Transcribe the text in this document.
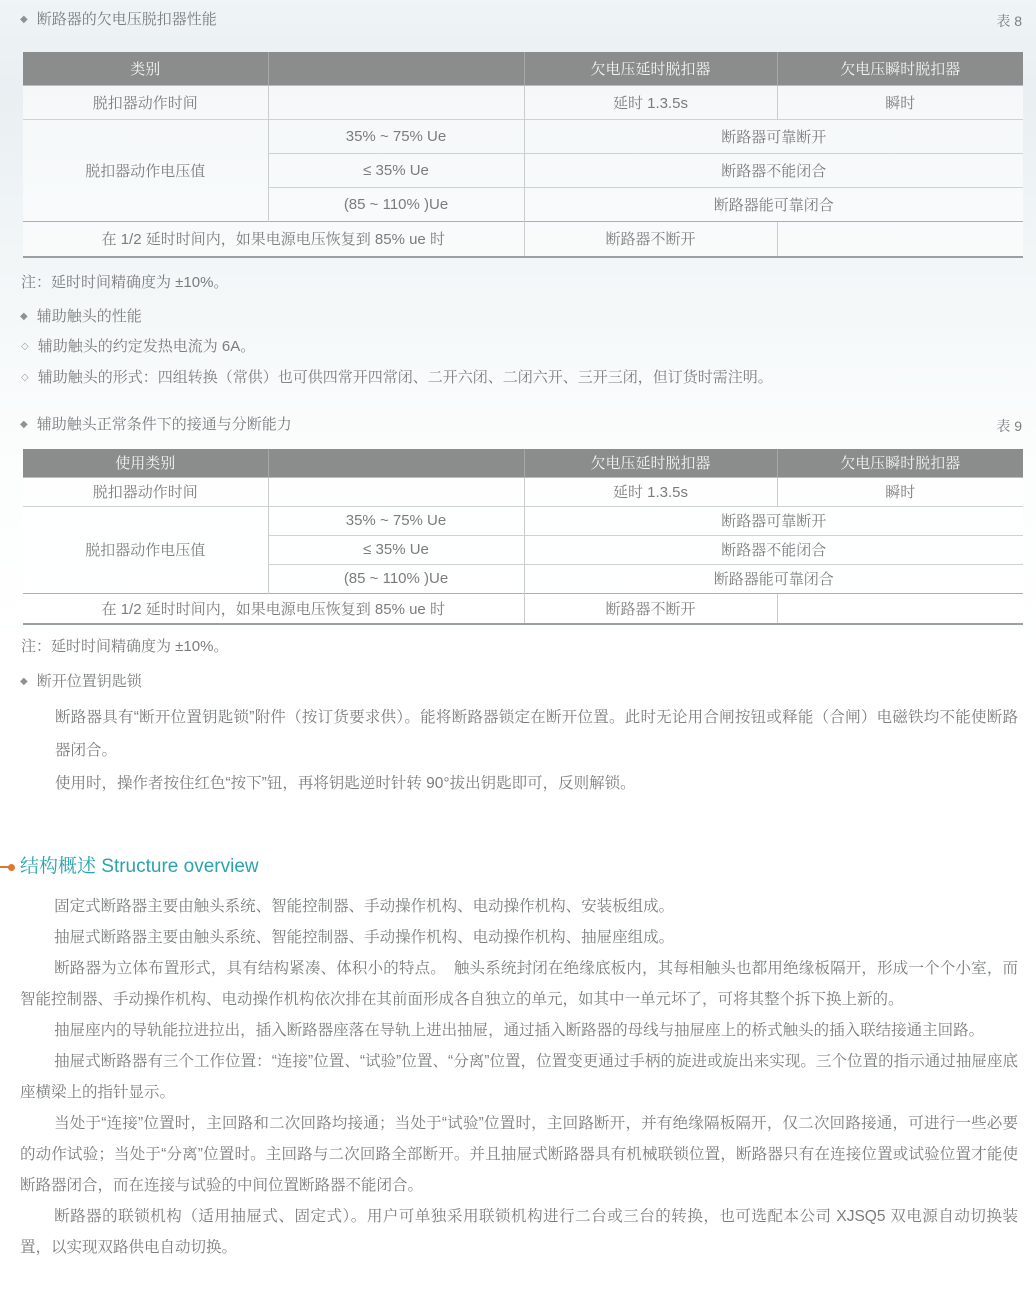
◆ 断路器的欠电压脱扣器性能	表 8
类别		欠电压延时脱扣器	欠电压瞬时脱扣器
脱扣器动作时间		延时 1.3.5s	瞬时
脱扣器动作电压值	35% ~ 75% Ue	断路器可靠断开	
	≤ 35% Ue	断路器不能闭合	
	(85 ~ 110% )Ue	断路器能可靠闭合	
在 1/2 延时时间内，如果电源电压恢复到 85% ue 时		断路器不断开	

注：延时时间精确度为 ±10%。

◆ 辅助触头的性能
◇ 辅助触头的约定发热电流为 6A。
◇ 辅助触头的形式：四组转换（常供）也可供四常开四常闭、二开六闭、二闭六开、三开三闭，但订货时需注明。
◆ 辅助触头正常条件下的接通与分断能力	表 9
使用类别		欠电压延时脱扣器	欠电压瞬时脱扣器
脱扣器动作时间		延时 1.3.5s	瞬时
脱扣器动作电压值	35% ~ 75% Ue	断路器可靠断开	
	≤ 35% Ue	断路器不能闭合	
	(85 ~ 110% )Ue	断路器能可靠闭合	
在 1/2 延时时间内，如果电源电压恢复到 85% ue 时		断路器不断开	

注：延时时间精确度为 ±10%。

◆ 断开位置钥匙锁

断路器具有“断开位置钥匙锁”附件（按订货要求供）。能将断路器锁定在断开位置。此时无论用合闸按钮或释能（合闸）电磁铁均不能使断路器闭合。

使用时，操作者按住红色“按下”钮，再将钥匙逆时针转 90°拔出钥匙即可，反则解锁。

结构概述 Structure overview

固定式断路器主要由触头系统、智能控制器、手动操作机构、电动操作机构、安装板组成。

抽屉式断路器主要由触头系统、智能控制器、手动操作机构、电动操作机构、抽屉座组成。

断路器为立体布置形式，具有结构紧凑、体积小的特点。　触头系统封闭在绝缘底板内，其每相触头也都用绝缘板隔开，形成一个个小室，而智能控制器、手动操作机构、电动操作机构依次排在其前面形成各自独立的单元，如其中一单元坏了，可将其整个拆下换上新的。

抽屉座内的导轨能拉进拉出，插入断路器座落在导轨上进出抽屉，通过插入断路器的母线与抽屉座上的桥式触头的插入联结接通主回路。

抽屉式断路器有三个工作位置：“连接”位置、“试验”位置、“分离”位置，位置变更通过手柄的旋进或旋出来实现。三个位置的指示通过抽屉座底座横梁上的指针显示。

当处于“连接”位置时，主回路和二次回路均接通；当处于“试验”位置时，主回路断开，并有绝缘隔板隔开，仅二次回路接通，可进行一些必要的动作试验；当处于“分离”位置时。主回路与二次回路全部断开。并且抽屉式断路器具有机械联锁位置，断路器只有在连接位置或试验位置才能使断路器闭合，而在连接与试验的中间位置断路器不能闭合。

断路器的联锁机构（适用抽屉式、固定式）。用户可单独采用联锁机构进行二台或三台的转换，也可选配本公司 XJSQ5 双电源自动切换装置，以实现双路供电自动切换。
